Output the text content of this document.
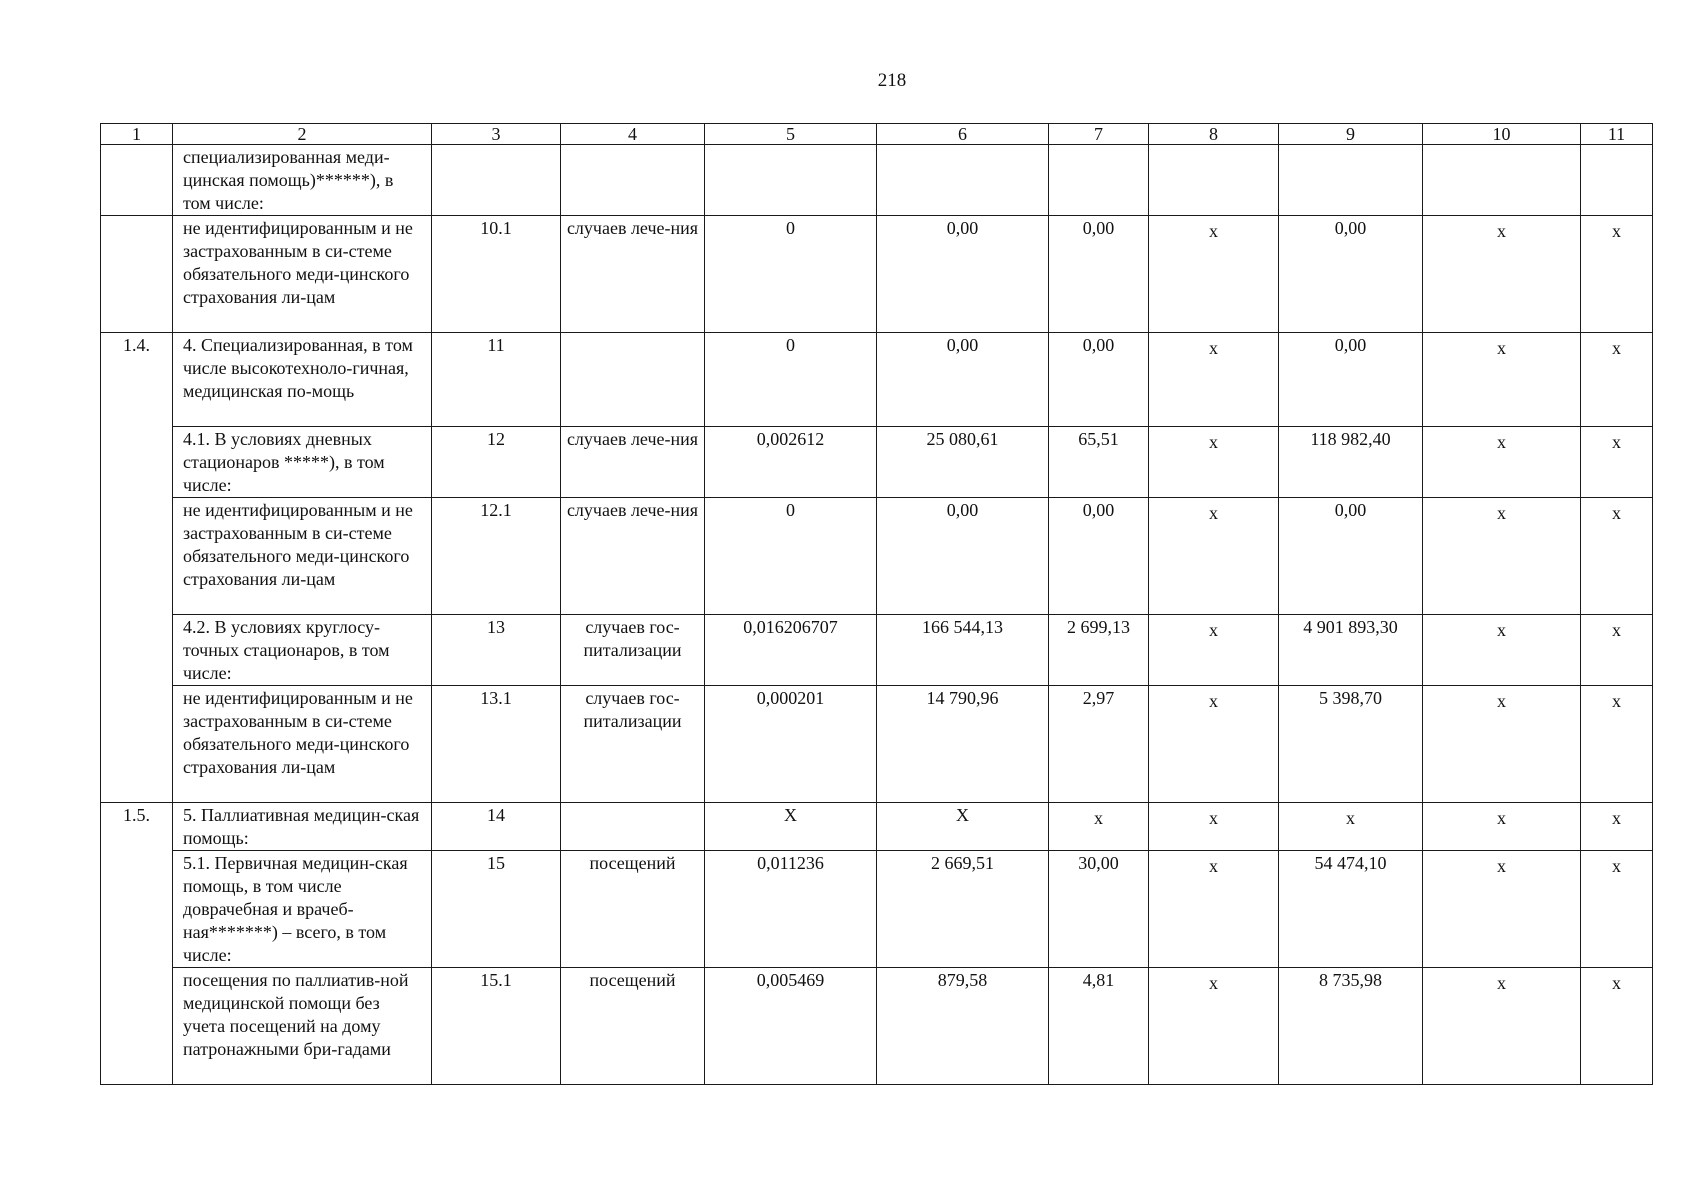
218
1	2	3	4	5	6	7	8	9	10	11
	специализированная меди-цинская помощь)******), в том числе:									
	не идентифицированным и не застрахованным в си-стеме обязательного меди-цинского страхования ли-цам	10.1	случаев лече-ния	0	0,00	0,00	х	0,00	х	х
1.4.	4. Специализированная, в том числе высокотехноло-гичная, медицинская по-мощь	11		0	0,00	0,00	х	0,00	х	х
	4.1. В условиях дневных стационаров *****), в том числе:	12	случаев лече-ния	0,002612	25 080,61	65,51	х	118 982,40	х	х
	не идентифицированным и не застрахованным в си-стеме обязательного меди-цинского страхования ли-цам	12.1	случаев лече-ния	0	0,00	0,00	х	0,00	х	х
	4.2. В условиях круглосу-точных стационаров, в том числе:	13	случаев гос-питализации	0,016206707	166 544,13	2 699,13	х	4 901 893,30	х	х
	не идентифицированным и не застрахованным в си-стеме обязательного меди-цинского страхования ли-цам	13.1	случаев гос-питализации	0,000201	14 790,96	2,97	х	5 398,70	х	х
1.5.	5. Паллиативная медицин-ская помощь:	14		Х	Х	х	х	х	х	х
	5.1. Первичная медицин-ская помощь, в том числе доврачебная и врачеб-ная*******) – всего, в том числе:	15	посещений	0,011236	2 669,51	30,00	х	54 474,10	х	х
	посещения по паллиатив-ной медицинской помощи без учета посещений на дому патронажными бри-гадами	15.1	посещений	0,005469	879,58	4,81	х	8 735,98	х	х
